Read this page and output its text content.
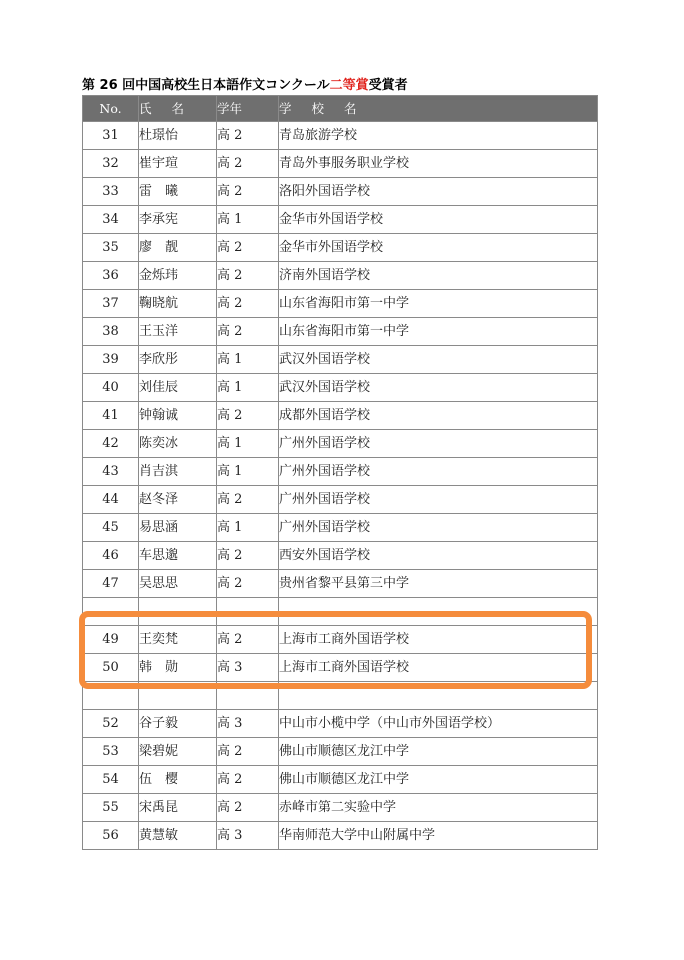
第 26 回中国高校生日本語作文コンクール二等賞受賞者
No.	氏 名	学年	学 校 名
31	杜璟怡	高 2	青岛旅游学校
32	崔宇瑄	高 2	青岛外事服务职业学校
33	雷　曦	高 2	洛阳外国语学校
34	李承宪	高 1	金华市外国语学校
35	廖　靓	高 2	金华市外国语学校
36	金烁玮	高 2	济南外国语学校
37	鞠晓航	高 2	山东省海阳市第一中学
38	王玉洋	高 2	山东省海阳市第一中学
39	李欣彤	高 1	武汉外国语学校
40	刘佳辰	高 1	武汉外国语学校
41	钟翰诚	高 2	成都外国语学校
42	陈奕冰	高 1	广州外国语学校
43	肖吉淇	高 1	广州外国语学校
44	赵冬泽	高 2	广州外国语学校
45	易思涵	高 1	广州外国语学校
46	车思邈	高 2	西安外国语学校
47	吴思思	高 2	贵州省黎平县第三中学

49	王奕梵	高 2	上海市工商外国语学校
50	韩　勋	高 3	上海市工商外国语学校

52	谷子毅	高 3	中山市小榄中学（中山市外国语学校）
53	梁碧妮	高 2	佛山市顺德区龙江中学
54	伍　樱	高 2	佛山市顺德区龙江中学
55	宋禹昆	高 2	赤峰市第二实验中学
56	黄慧敏	高 3	华南师范大学中山附属中学
